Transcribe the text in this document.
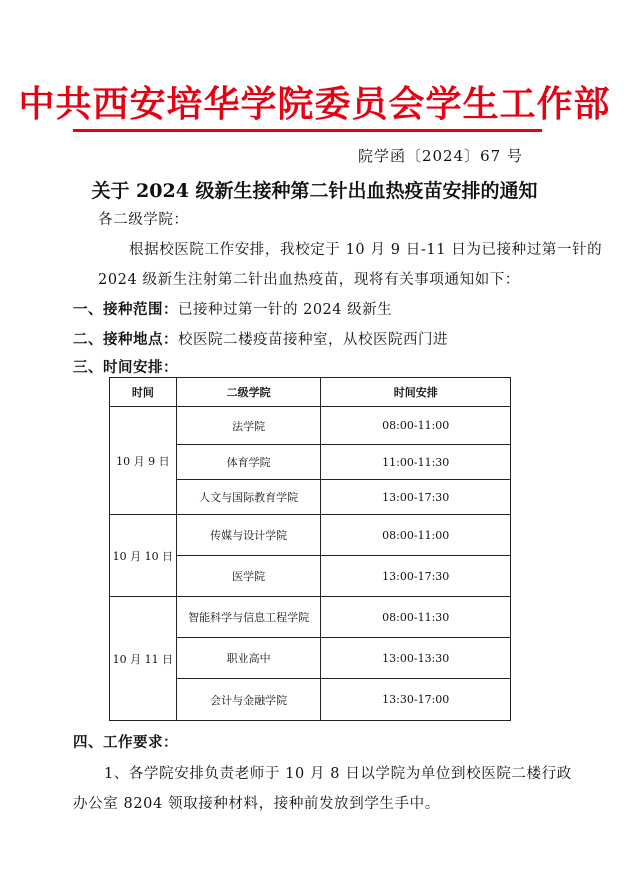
中共西安培华学院委员会学生工作部
院学函〔2024〕67 号
关于 2024 级新生接种第二针出血热疫苗安排的通知
各二级学院：
根据校医院工作安排，我校定于 10 月 9 日-11 日为已接种过第一针的
2024 级新生注射第二针出血热疫苗，现将有关事项通知如下：
一、接种范围：已接种过第一针的 2024 级新生
二、接种地点：校医院二楼疫苗接种室，从校医院西门进
三、时间安排：
时间	二级学院	时间安排
10 月 9 日	法学院	08:00-11:00
	体育学院	11:00-11:30
	人文与国际教育学院	13:00-17:30
10 月 10 日	传媒与设计学院	08:00-11:00
	医学院	13:00-17:30
10 月 11 日	智能科学与信息工程学院	08:00-11:30
	职业高中	13:00-13:30
	会计与金融学院	13:30-17:00
四、工作要求：
1、各学院安排负责老师于 10 月 8 日以学院为单位到校医院二楼行政
办公室 8204 领取接种材料，接种前发放到学生手中。
